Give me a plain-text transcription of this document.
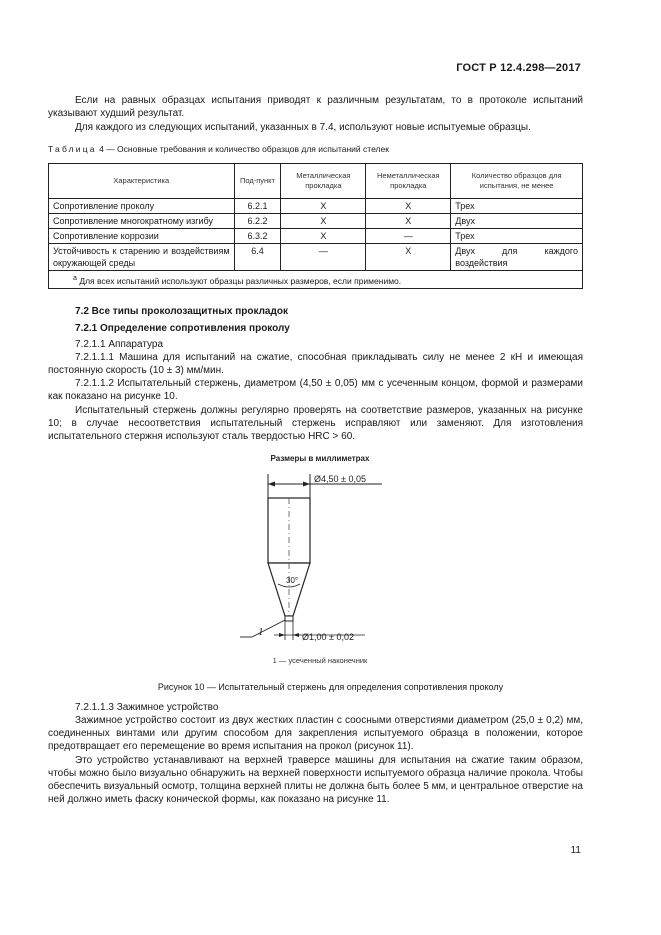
ГОСТ Р 12.4.298—2017

Если на равных образцах испытания приводят к различным результатам, то в протоколе испытаний указывают худший результат.

Для каждого из следующих испытаний, указанных в 7.4, используют новые испытуемые образцы.

Таблица 4 — Основные требования и количество образцов для испытаний стелек
Характеристика	Под-пункт	Металлическая прокладка	Неметаллическая прокладка	Количество образцов для испытания, не менее
Сопротивление проколу	6.2.1	X	X	Трех
Сопротивление многократному изгибу	6.2.2	X	X	Двух
Сопротивление коррозии	6.3.2	X	—	Трех
Устойчивость к старению и воздействиям окружающей среды	6.4	—	X	Двух для каждого воздействия
$^а$ Для всех испытаний используют образцы различных размеров, если применимо.				
7.2 Все типы проколозащитных прокладок
7.2.1 Определение сопротивления проколу

7.2.1.1 Аппаратура

7.2.1.1.1 Машина для испытаний на сжатие, способная прикладывать силу не менее 2 кН и имеющая постоянную скорость (10 ± 3) мм/мин.

7.2.1.1.2 Испытательный стержень, диаметром (4,50 ± 0,05) мм с усеченным концом, формой и размерами как показано на рисунке 10.

Испытательный стержень должны регулярно проверять на соответствие размеров, указанных на рисунке 10; в случае несоответствия испытательный стержень исправляют или заменяют. Для изготовления испытательного стержня используют сталь твердостью HRC > 60.

Размеры в миллиметрах
Ø4,50 ± 0,05
30°
Ø1,00 ± 0,02
1
1 — усеченный наконечник
Рисунок 10 — Испытательный стержень для определения сопротивления проколу

7.2.1.1.3 Зажимное устройство

Зажимное устройство состоит из двух жестких пластин с соосными отверстиями диаметром (25,0 ± 0,2) мм, соединенных винтами или другим способом для закрепления испытуемого образца в положении, которое предотвращает его перемещение во время испытания на прокол (рисунок 11).

Это устройство устанавливают на верхней траверсе машины для испытания на сжатие таким образом, чтобы можно было визуально обнаружить на верхней поверхности испытуемого образца наличие прокола. Чтобы обеспечить визуальный осмотр, толщина верхней плиты не должна быть более 5 мм, и центральное отверстие на ней должно иметь фаску конической формы, как показано на рисунке 11.

11
